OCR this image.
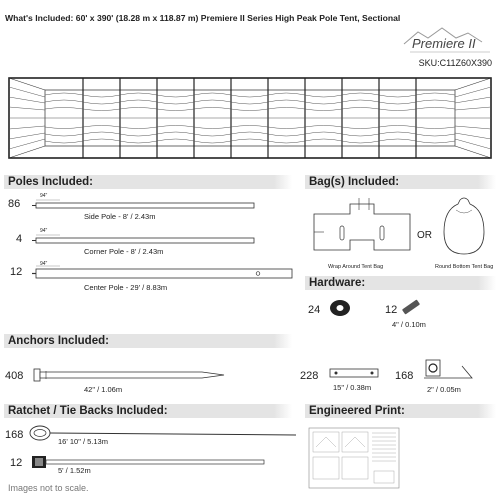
What's Included: 60' x 390' (18.28 m x 118.87 m) Premiere II Series High Peak Pole Tent, Sectional
Premiere II
SKU:C11Z60X390
Poles Included:
86
94"
Side Pole - 8' / 2.43m
4
94"
Corner Pole - 8' / 2.43m
12
94"
Center Pole - 29' / 8.83m
Bag(s) Included:
Wrap Around Tent Bag
OR
Round Bottom Tent Bag
Hardware:
24	12
4" / 0.10m
Anchors Included:
408
42" / 1.06m
228
15" / 0.38m
168
2" / 0.05m
Ratchet / Tie Backs Included:
168
16' 10" / 5.13m
12
5' / 1.52m
Engineered Print:
Images not to scale.
